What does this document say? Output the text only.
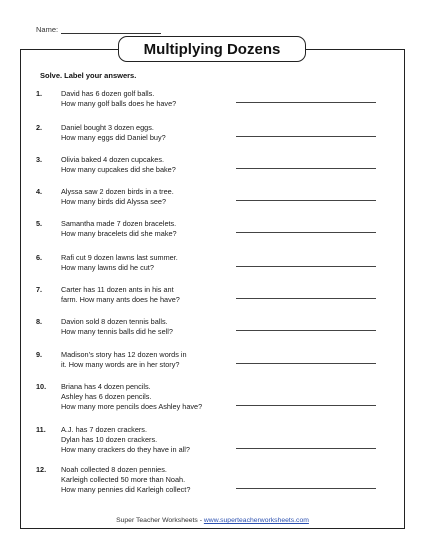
Name:
Multiplying Dozens
Solve. Label your answers.
1.	David has 6 dozen golf balls.
How many golf balls does he have?
2.	Daniel bought 3 dozen eggs.
How many eggs did Daniel buy?
3.	Olivia baked 4 dozen cupcakes.
How many cupcakes did she bake?
4.	Alyssa saw 2 dozen birds in a tree.
How many birds did Alyssa see?
5.	Samantha made 7 dozen bracelets.
How many bracelets did she make?
6.	Rafi cut 9 dozen lawns last summer.
How many lawns did he cut?
7.	Carter has 11 dozen ants in his ant
farm. How many ants does he have?
8.	Davion sold 8 dozen tennis balls.
How many tennis balls did he sell?
9.	Madison’s story has 12 dozen words in
it. How many words are in her story?
10. Briana has 4 dozen pencils.
Ashley has 6 dozen pencils.
How many more pencils does Ashley have?
11. A.J. has 7 dozen crackers.
Dylan has 10 dozen crackers.
How many crackers do they have in all?
12. Noah collected 8 dozen pennies.
Karleigh collected 50 more than Noah.
How many pennies did Karleigh collect?
Super Teacher Worksheets - www.superteacherworksheets.com
